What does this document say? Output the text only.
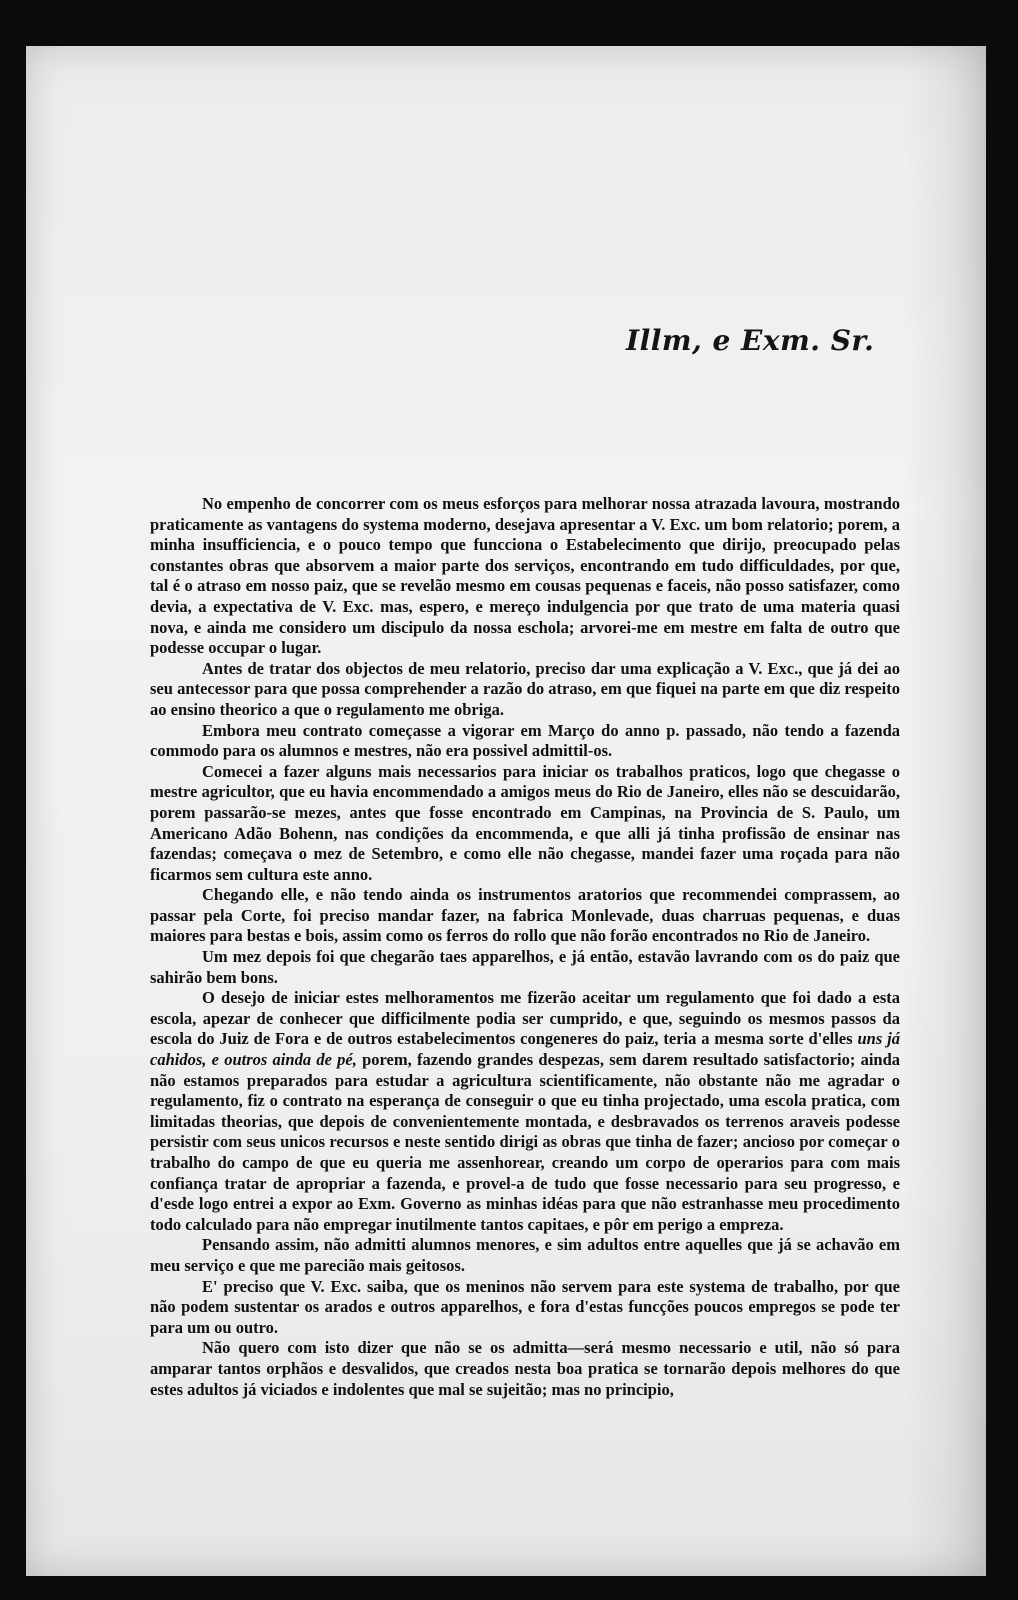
Illm, e Exm. Sr.

No empenho de concorrer com os meus esforços para melhorar nossa atrazada lavoura, mostrando praticamente as vantagens do systema moderno, desejava apresentar a V. Exc. um bom relatorio; porem, a minha insufficiencia, e o pouco tempo que funcciona o Estabelecimento que dirijo, preocupado pelas constantes obras que absorvem a maior parte dos serviços, encontrando em tudo difficuldades, por que, tal é o atraso em nosso paiz, que se revelão mesmo em cousas pequenas e faceis, não posso satisfazer, como devia, a expectativa de V. Exc. mas, espero, e mereço indulgencia por que trato de uma materia quasi nova, e ainda me considero um discipulo da nossa eschola; arvorei-me em mestre em falta de outro que podesse occupar o lugar.

Antes de tratar dos objectos de meu relatorio, preciso dar uma explicação a V. Exc., que já dei ao seu antecessor para que possa comprehender a razão do atraso, em que fiquei na parte em que diz respeito ao ensino theorico a que o regulamento me obriga.

Embora meu contrato começasse a vigorar em Março do anno p. passado, não tendo a fazenda commodo para os alumnos e mestres, não era possivel admittil-os.

Comecei a fazer alguns mais necessarios para iniciar os trabalhos praticos, logo que chegasse o mestre agricultor, que eu havia encommendado a amigos meus do Rio de Janeiro, elles não se descuidarão, porem passarão-se mezes, antes que fosse encontrado em Campinas, na Provincia de S. Paulo, um Americano Adão Bohenn, nas condições da encommenda, e que alli já tinha profissão de ensinar nas fazendas; começava o mez de Setembro, e como elle não chegasse, mandei fazer uma roçada para não ficarmos sem cultura este anno.

Chegando elle, e não tendo ainda os instrumentos aratorios que recommendei comprassem, ao passar pela Corte, foi preciso mandar fazer, na fabrica Monlevade, duas charruas pequenas, e duas maiores para bestas e bois, assim como os ferros do rollo que não forão encontrados no Rio de Janeiro.

Um mez depois foi que chegarão taes apparelhos, e já então, estavão lavrando com os do paiz que sahirão bem bons.

O desejo de iniciar estes melhoramentos me fizerão aceitar um regulamento que foi dado a esta escola, apezar de conhecer que difficilmente podia ser cumprido, e que, seguindo os mesmos passos da escola do Juiz de Fora e de outros estabelecimentos congeneres do paiz, teria a mesma sorte d'elles uns já cahidos, e outros ainda de pé, porem, fazendo grandes despezas, sem darem resultado satisfactorio; ainda não estamos preparados para estudar a agricultura scientificamente, não obstante não me agradar o regulamento, fiz o contrato na esperança de conseguir o que eu tinha projectado, uma escola pratica, com limitadas theorias, que depois de convenientemente montada, e desbravados os terrenos araveis podesse persistir com seus unicos recursos e neste sentido dirigi as obras que tinha de fazer; ancioso por começar o trabalho do campo de que eu queria me assenhorear, creando um corpo de operarios para com mais confiança tratar de apropriar a fazenda, e provel-a de tudo que fosse necessario para seu progresso, e d'esde logo entrei a expor ao Exm. Governo as minhas idéas para que não estranhasse meu procedimento todo calculado para não empregar inutilmente tantos capitaes, e pôr em perigo a empreza.

Pensando assim, não admitti alumnos menores, e sim adultos entre aquelles que já se achavão em meu serviço e que me parecião mais geitosos.

E' preciso que V. Exc. saiba, que os meninos não servem para este systema de trabalho, por que não podem sustentar os arados e outros apparelhos, e fora d'estas funcções poucos empregos se pode ter para um ou outro.

Não quero com isto dizer que não se os admitta—será mesmo necessario e util, não só para amparar tantos orphãos e desvalidos, que creados nesta boa pratica se tornarão depois melhores do que estes adultos já viciados e indolentes que mal se sujeitão; mas no principio,
